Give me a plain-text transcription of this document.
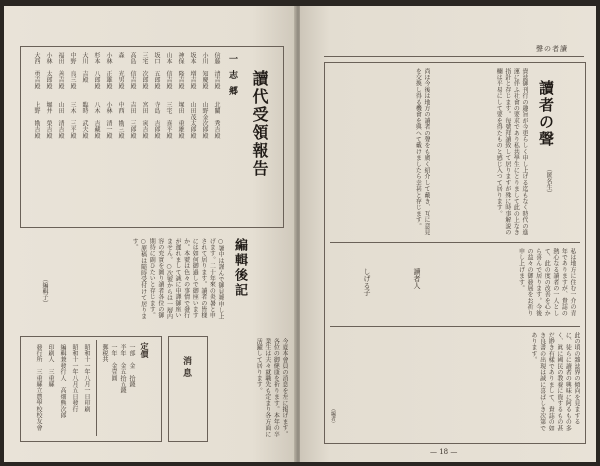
讀代受領報告
一 志 郷
信藤　清吉殿　　北關　秀吉殿
小川　知慶殿　　山野金次郎殿
坂本　増吉殿　　山田茂太郎殿
神保　隆吉殿　　塚田　重雄殿
山本　信吉殿　　三宅　喜平殿
坂口　五郎殿　　寺島　吉郎殿
三宅　次郎殿　　宮田　寅吉殿
高島　信吉殿　　吉田　三郎殿
森　　光男殿　　中西　勘三殿
小林　正雄殿　　小林　清一殿
杉本　八郎殿　　八木　吉藏殿
大川　吉殿　　　臨時　武夫殿
中野　良三殿　　三木　三平殿
福田　善吉殿　　山田　清吉殿
小林　太郎殿　　堀井　榮吉殿
大西　勇吉殿　　上野　勘吉殿
編輯後記
○暑中は謹んで御見舞申し上げます。二十年來の炎暑と申されて居ります。讀者の皆様には如何御過しで御座いますか。本號は色々の事情で發行が遲れまして誠に申譯御座いません。○次號からは一層内容の充實を圖り讀者各位の御期待に副ひたいと存じます。○原稿は隨時受付けて居ります。
（編輯子）
定價
一部　金　拾錢
半年　金五拾五錢
一年　金壹圓
郵税共
昭和十一年八月一日印刷
昭和十一年八月五日發行
編輯兼發行人　高畑熊次郎
印刷人　三重縣
發行所　三重縣立農學校校友會	消 息	今夏本會員の消息を左に掲げます。各位の御健康を祈ります。本年の卒業生は夫々就職先も定まり各方面に活躍して居ります。
聲の者讀
讀者の聲
（匿名生）
貴誌御刊行の趣旨が今更らしく申し上げる迄もなく時代の進運に伴ふ社會の要求であり私共學生にとりまして此の上なき指針と存じます。毎號拜讀致して居りますが殊に時事解説の欄は平易にして要を得たものと感じ入つて居ります。
尚ほ今後は地方の讀者の聲をも廣く紹介して戴き、互に意見を交換し得る機會を與へて戴けましたら幸甚と存じます。
私は地方に住む一介の青年でありますが、貴誌の熱心なる讀者の一人として、此の度の改善を心から喜んで居ります。今後の益々の御發展をお祈り申し上げます。
讀者人
しげる子
此の頃の雜誌界の傾向を見まするに、徒らに讀者の興味に阿るもの多く、眞に國民の教養に資するもの甚だ尠き有樣でありまして、貴誌の如き良書の出現は誠に喜ばしき次第であります。
（編者）
— 18 —
